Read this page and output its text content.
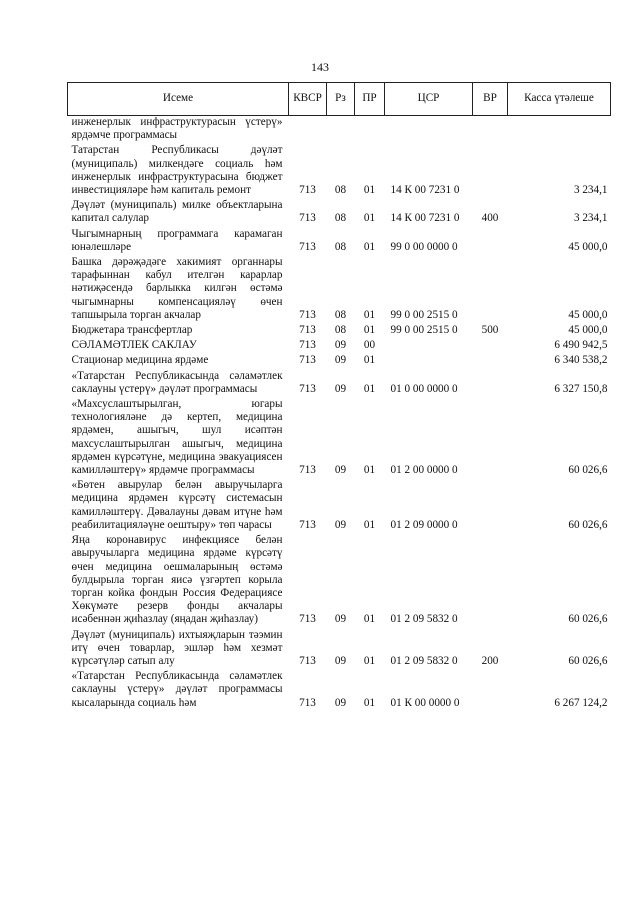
143
Исеме	КВСР	Рз	ПР	ЦСР	ВР	Касса үтәлеше
инженерлык инфраструктурасын үстерү» ярдәмче программасы						
Татарстан Республикасы дәүләт (муниципаль) милкендәге социаль һәм инженерлык инфраструктурасына бюджет инвестицияләре һәм капиталь ремонт	713	08	01	14 К 00 7231 0		3 234,1
Дәүләт (муниципаль) милке объектларына капитал салулар	713	08	01	14 К 00 7231 0	400	3 234,1
Чыгымнарның программага карамаган юнәлешләре	713	08	01	99 0 00 0000 0		45 000,0
Башка дәрәҗәдәге хакимият органнары тарафыннан кабул ителгән карарлар нәтиҗәсендә барлыкка килгән өстәмә чыгымнарны компенсацияләү өчен тапшырыла торган акчалар	713	08	01	99 0 00 2515 0		45 000,0
Бюджетара трансфертлар	713	08	01	99 0 00 2515 0	500	45 000,0
СӘЛАМӘТЛЕК САКЛАУ	713	09	00			6 490 942,5
Стационар медицина ярдәме	713	09	01			6 340 538,2
«Татарстан Республикасында сәламәтлек саклауны үстерү» дәүләт программасы	713	09	01	01 0 00 0000 0		6 327 150,8
«Махсуслаштырылган, югары технологияләне дә кертеп, медицина ярдәмен, ашыгыч, шул исәптән махсуслаштырылган ашыгыч, медицина ярдәмен күрсәтүне, медицина эвакуациясен камилләштерү» ярдәмче программасы	713	09	01	01 2 00 0000 0		60 026,6
«Бөтен авырулар белән авыручыларга медицина ярдәмен күрсәтү системасын камилләштерү. Дәвалауны дәвам итүне һәм реабилитацияләүне оештыру» төп чарасы	713	09	01	01 2 09 0000 0		60 026,6
Яңа коронавирус инфекциясе белән авыручыларга медицина ярдәме күрсәтү өчен медицина оешмаларының өстәмә булдырыла торган яисә үзгәртеп корыла торган койка фондын Россия Федерациясе Хөкүмәте резерв фонды акчалары исәбеннән җиһазлау (яңадан җиһазлау)	713	09	01	01 2 09 5832 0		60 026,6
Дәүләт (муниципаль) ихтыяҗларын тәэмин итү өчен товарлар, эшләр һәм хезмәт күрсәтүләр сатып алу	713	09	01	01 2 09 5832 0	200	60 026,6
«Татарстан Республикасында сәламәтлек саклауны үстерү» дәүләт программасы кысаларында социаль һәм	713	09	01	01 К 00 0000 0		6 267 124,2
